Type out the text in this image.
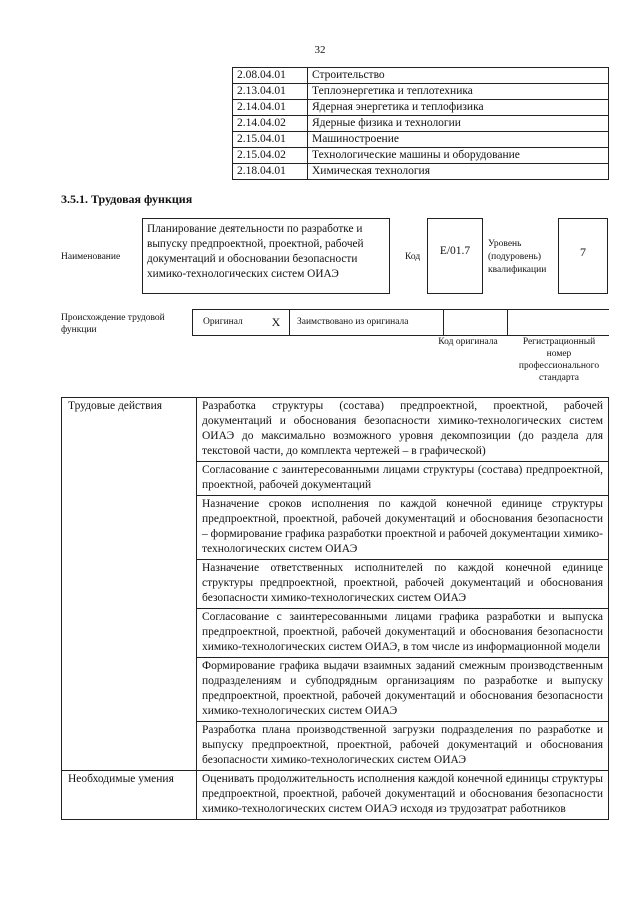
32
	2.08.04.01	Строительство
	2.13.04.01	Теплоэнергетика и теплотехника
	2.14.04.01	Ядерная энергетика и теплофизика
	2.14.04.02	Ядерные физика и технологии
	2.15.04.01	Машиностроение
	2.15.04.02	Технологические машины и оборудование
	2.18.04.01	Химическая технология
3.5.1. Трудовая функция
Наименование
Планирование деятельности по разработке и выпуску предпроектной, проектной, рабочей документаций и обосновании безопасности химико-технологических систем ОИАЭ
Код	E/01.7
Уровень (подуровень) квалификации
7
Происхождение трудовой функции
Оригинал	X	Заимствовано из оригинала
Код оригинала	Регистрационный номер профессионального стандарта
Трудовые действия	Разработка структуры (состава) предпроектной, проектной, рабочей документаций и обоснования безопасности химико-технологических систем ОИАЭ до максимально возможного уровня декомпозиции (до раздела для текстовой части, до комплекта чертежей – в графической)
	Согласование с заинтересованными лицами структуры (состава) предпроектной, проектной, рабочей документаций
	Назначение сроков исполнения по каждой конечной единице структуры предпроектной, проектной, рабочей документаций и обоснования безопасности – формирование графика разработки проектной и рабочей документации химико-технологических систем ОИАЭ
	Назначение ответственных исполнителей по каждой конечной единице структуры предпроектной, проектной, рабочей документаций и обоснования безопасности химико-технологических систем ОИАЭ
	Согласование с заинтересованными лицами графика разработки и выпуска предпроектной, проектной, рабочей документаций и обоснования безопасности химико-технологических систем ОИАЭ, в том числе из информационной модели
	Формирование графика выдачи взаимных заданий смежным производственным подразделениям и субподрядным организациям по разработке и выпуску предпроектной, проектной, рабочей документаций и обоснования безопасности химико-технологических систем ОИАЭ
	Разработка плана производственной загрузки подразделения по разработке и выпуску предпроектной, проектной, рабочей документаций и обоснования безопасности химико-технологических систем ОИАЭ
Необходимые умения	Оценивать продолжительность исполнения каждой конечной единицы структуры предпроектной, проектной, рабочей документаций и обоснования безопасности химико-технологических систем ОИАЭ исходя из трудозатрат работников
